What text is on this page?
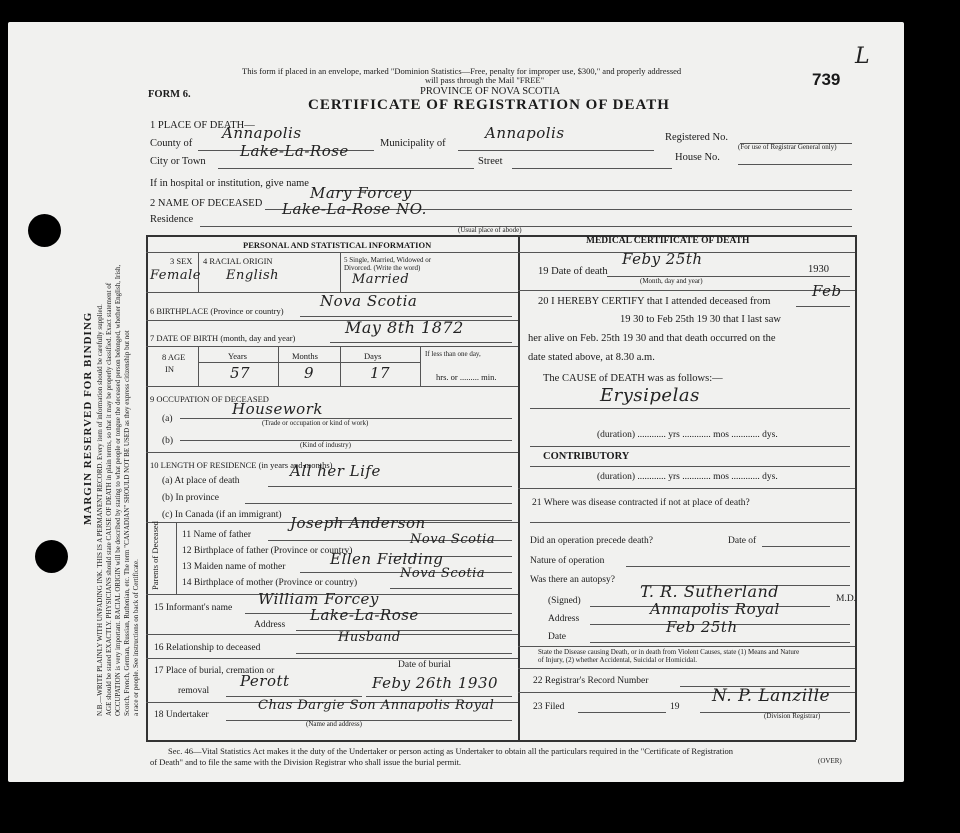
MARGIN RESERVED FOR BINDING N.B.—WRITE PLAINLY WITH UNFADING INK. THIS IS A PERMANENT RECORD. Every item of information should be carefully supplied. AGE should be stated EXACTLY. PHYSICIANS should state CAUSE OF DEATH in plain terms, so that it may be properly classified. Exact statement of OCCUPATION is very important. RACIAL ORIGIN will be described by stating to what people or tongue the deceased person belonged, whether English, Irish, Scotch, French, German, Russian, Ruthenian, etc. The term "CANADIAN" SHOULD NOT BE USED as they express citizenship but not a race or people. See instructions on back of Certificate.
This form if placed in an envelope, marked "Dominion Statistics—Free, penalty for improper use, $300," and properly addressed
will pass through the Mail "FREE"
PROVINCE OF NOVA SCOTIA
FORM 6.
CERTIFICATE OF REGISTRATION OF DEATH
739
L
1 PLACE OF DEATH—
County of
Annapolis
Municipality of
Annapolis	Registered No.
(For use of Registrar General only)
City or Town
Lake-La-Rose
Street	House No.
If in hospital or institution, give name
2 NAME OF DECEASED
Mary Forcey
Residence
Lake-La-Rose NO.
(Usual place of abode)
PERSONAL AND STATISTICAL INFORMATION
3 SEX
Female
4 RACIAL ORIGIN
English
5 Single, Married, Widowed or
Divorced. (Write the word)
Married
6 BIRTHPLACE (Province or country)
Nova Scotia
7 DATE OF BIRTH (month, day and year)
May 8th 1872
8 AGE
IN
Years	Months	Days
57	9	17
If less than one day,
hrs. or ......... min.
9 OCCUPATION OF DECEASED
(a)
Housework
(Trade or occupation or kind of work)
(b)	(Kind of industry)
10 LENGTH OF RESIDENCE (in years and months)
(a) At place of death
All her Life
(b) In province
(c) In Canada (if an immigrant)
Parents of Deceased 11 Name of father
Joseph Anderson
12 Birthplace of father (Province or country)
Nova Scotia
13 Maiden name of mother	Ellen Fielding
14 Birthplace of mother (Province or country)
Nova Scotia
15 Informant's name William Forcey
Address
Lake-La-Rose
16 Relationship to deceased
Husband
17 Place of burial, cremation or
removal
Perott
Date of burial
Feby 26th 1930
18 Undertaker
Chas Dargie Son Annapolis Royal
(Name and address)
MEDICAL CERTIFICATE OF DEATH
19 Date of death
Feby 25th
1930
(Month, day and year)
20 I HEREBY CERTIFY that I attended deceased from
Feb
19 30 to Feb 25th 19 30 that I last saw
her alive on Feb. 25th 19 30 and that death occurred on the
date stated above, at 8.30 a.m.
The CAUSE of DEATH was as follows:—
Erysipelas
(duration) ............ yrs ............ mos ............ dys.
CONTRIBUTORY
(duration) ............ yrs ............ mos ............ dys.
21 Where was disease contracted if not at place of death?
Did an operation precede death?	Date of
Nature of operation
Was there an autopsy?
(Signed)	T. R. Sutherland	M.D.
Address
Annapolis Royal
Date
Feb 25th
State the Disease causing Death, or in death from Violent Causes, state (1) Means and Nature
of Injury, (2) whether Accidental, Suicidal or Homicidal.
22 Registrar's Record Number
23 Filed	19
N. P. Lanzille
(Division Registrar)
Sec. 46—Vital Statistics Act makes it the duty of the Undertaker or person acting as Undertaker to obtain all the particulars required in the "Certificate of Registration
of Death" and to file the same with the Division Registrar who shall issue the burial permit.	(OVER)
